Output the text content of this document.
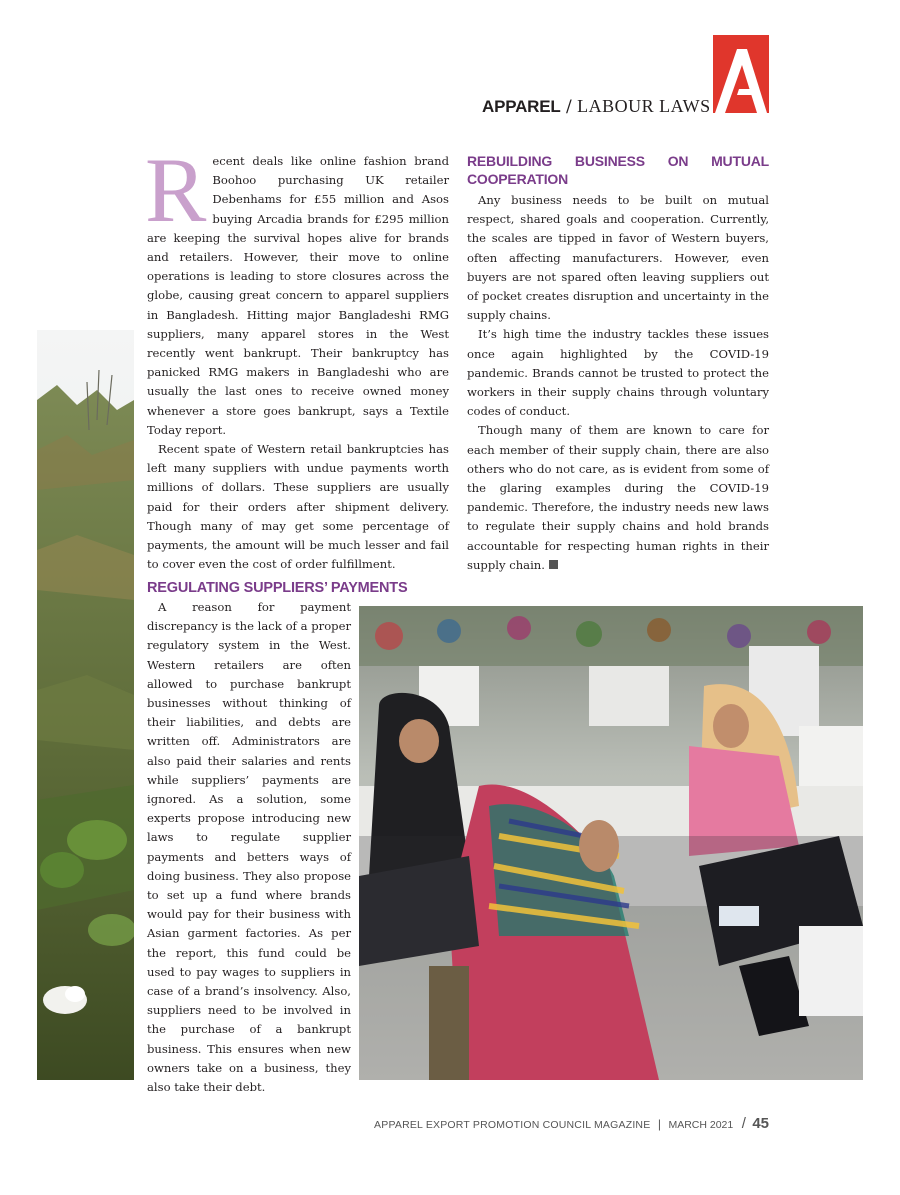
APPAREL / LABOUR LAWS

Recent deals like online fashion brand Boohoo purchasing UK retailer Debenhams for £55 million and Asos buying Arcadia brands for £295 million are keeping the survival hopes alive for brands and retailers. However, their move to online operations is leading to store closures across the globe, causing great concern to apparel suppliers in Bangladesh. Hitting major Bangladeshi RMG suppliers, many apparel stores in the West recently went bankrupt. Their bankruptcy has panicked RMG makers in Bangladeshi who are usually the last ones to receive owned money whenever a store goes bankrupt, says a Textile Today report.

Recent spate of Western retail bankruptcies has left many suppliers with undue payments worth millions of dollars. These suppliers are usually paid for their orders after shipment delivery. Though many of may get some percentage of payments, the amount will be much lesser and fail to cover even the cost of order fulfillment.

REGULATING SUPPLIERS’ PAYMENTS

A reason for payment discrepancy is the lack of a proper regulatory system in the West. Western retailers are often allowed to purchase bankrupt businesses without thinking of their liabilities, and debts are written off. Administrators are also paid their salaries and rents while suppliers’ payments are ignored. As a solution, some experts propose introducing new laws to regulate supplier payments and betters ways of doing business. They also propose to set up a fund where brands would pay for their business with Asian garment factories. As per the report, this fund could be used to pay wages to suppliers in case of a brand’s insolvency. Also, suppliers need to be involved in the purchase of a bankrupt business. This ensures when new owners take on a business, they also take their debt.

REBUILDING BUSINESS ON MUTUAL COOPERATION

Any business needs to be built on mutual respect, shared goals and cooperation. Currently, the scales are tipped in favor of Western buyers, often affecting manufacturers. However, even buyers are not spared often leaving suppliers out of pocket creates disruption and uncertainty in the supply chains.

It’s high time the industry tackles these issues once again highlighted by the COVID-19 pandemic. Brands cannot be trusted to protect the workers in their supply chains through voluntary codes of conduct.

Though many of them are known to care for each member of their supply chain, there are also others who do not care, as is evident from some of the glaring examples during the COVID-19 pandemic. Therefore, the industry needs new laws to regulate their supply chains and hold brands accountable for respecting human rights in their supply chain.

APPAREL EXPORT PROMOTION COUNCIL MAGAZINE | MARCH 2021 / 45
